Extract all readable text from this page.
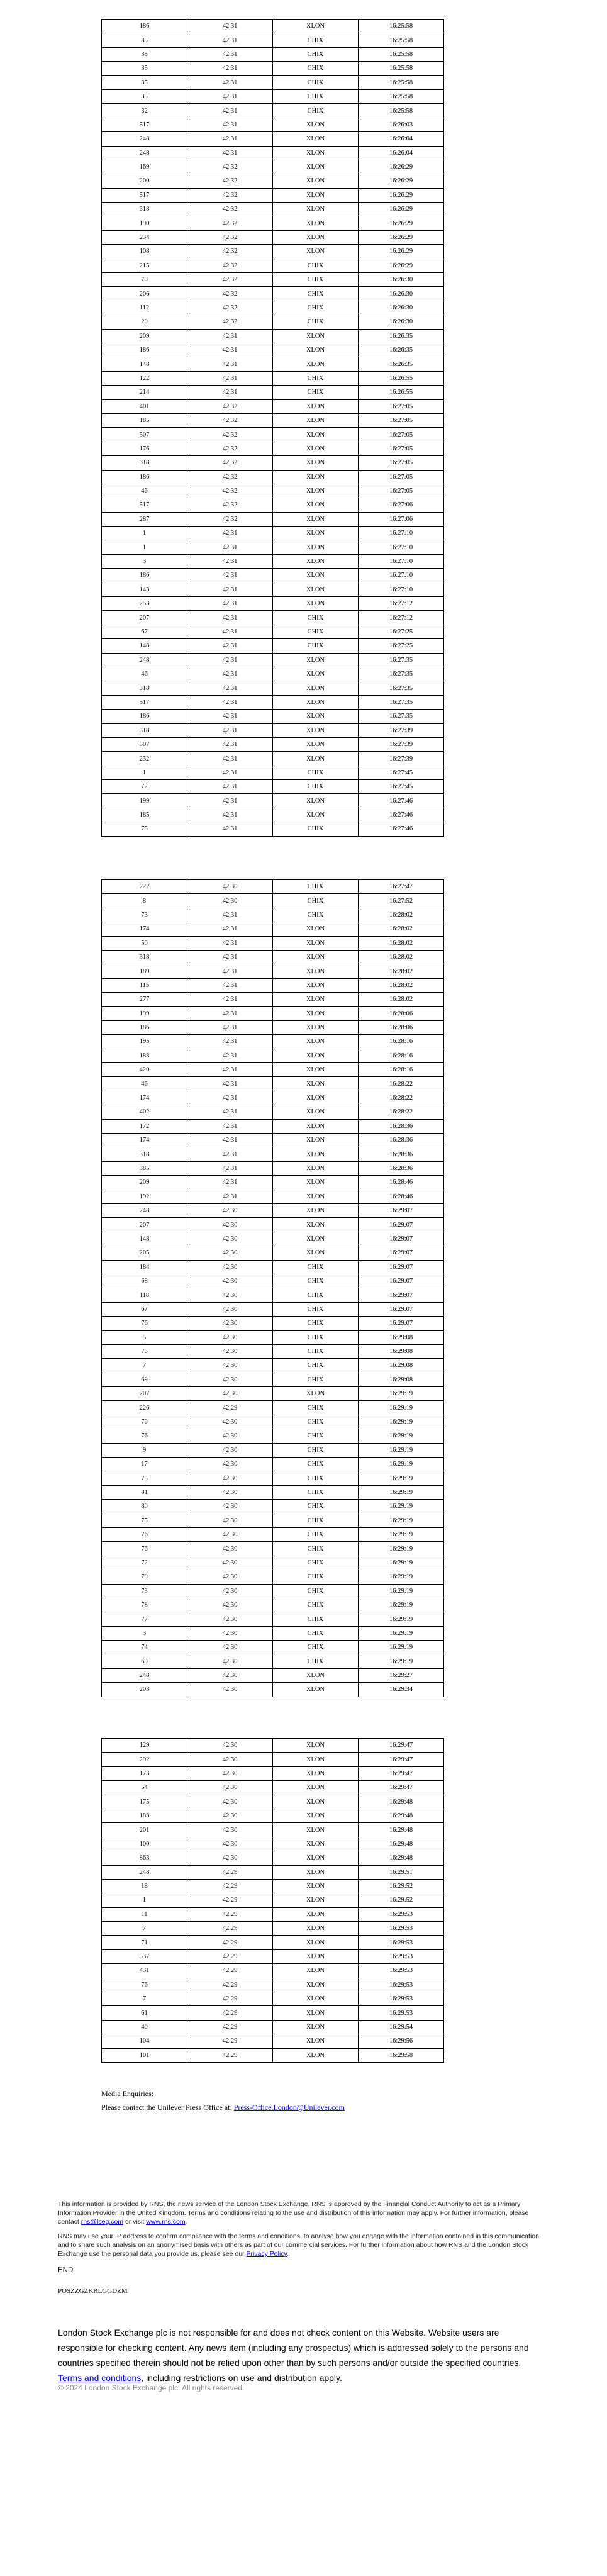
186	42.31	XLON	16:25:58
35	42.31	CHIX	16:25:58
35	42.31	CHIX	16:25:58
35	42.31	CHIX	16:25:58
35	42.31	CHIX	16:25:58
35	42.31	CHIX	16:25:58
32	42.31	CHIX	16:25:58
517	42.31	XLON	16:26:03
248	42.31	XLON	16:26:04
248	42.31	XLON	16:26:04
169	42.32	XLON	16:26:29
200	42.32	XLON	16:26:29
517	42.32	XLON	16:26:29
318	42.32	XLON	16:26:29
190	42.32	XLON	16:26:29
234	42.32	XLON	16:26:29
108	42.32	XLON	16:26:29
215	42.32	CHIX	16:26:29
70	42.32	CHIX	16:26:30
206	42.32	CHIX	16:26:30
112	42.32	CHIX	16:26:30
20	42.32	CHIX	16:26:30
209	42.31	XLON	16:26:35
186	42.31	XLON	16:26:35
148	42.31	XLON	16:26:35
122	42.31	CHIX	16:26:55
214	42.31	CHIX	16:26:55
401	42.32	XLON	16:27:05
185	42.32	XLON	16:27:05
507	42.32	XLON	16:27:05
176	42.32	XLON	16:27:05
318	42.32	XLON	16:27:05
186	42.32	XLON	16:27:05
46	42.32	XLON	16:27:05
517	42.32	XLON	16:27:06
287	42.32	XLON	16:27:06
1	42.31	XLON	16:27:10
1	42.31	XLON	16:27:10
3	42.31	XLON	16:27:10
186	42.31	XLON	16:27:10
143	42.31	XLON	16:27:10
253	42.31	XLON	16:27:12
207	42.31	CHIX	16:27:12
67	42.31	CHIX	16:27:25
148	42.31	CHIX	16:27:25
248	42.31	XLON	16:27:35
46	42.31	XLON	16:27:35
318	42.31	XLON	16:27:35
517	42.31	XLON	16:27:35
186	42.31	XLON	16:27:35
318	42.31	XLON	16:27:39
507	42.31	XLON	16:27:39
232	42.31	XLON	16:27:39
1	42.31	CHIX	16:27:45
72	42.31	CHIX	16:27:45
199	42.31	XLON	16:27:46
185	42.31	XLON	16:27:46
75	42.31	CHIX	16:27:46
222	42.30	CHIX	16:27:47
8	42.30	CHIX	16:27:52
73	42.31	CHIX	16:28:02
174	42.31	XLON	16:28:02
50	42.31	XLON	16:28:02
318	42.31	XLON	16:28:02
189	42.31	XLON	16:28:02
115	42.31	XLON	16:28:02
277	42.31	XLON	16:28:02
199	42.31	XLON	16:28:06
186	42.31	XLON	16:28:06
195	42.31	XLON	16:28:16
183	42.31	XLON	16:28:16
420	42.31	XLON	16:28:16
46	42.31	XLON	16:28:22
174	42.31	XLON	16:28:22
402	42.31	XLON	16:28:22
172	42.31	XLON	16:28:36
174	42.31	XLON	16:28:36
318	42.31	XLON	16:28:36
385	42.31	XLON	16:28:36
209	42.31	XLON	16:28:46
192	42.31	XLON	16:28:46
248	42.30	XLON	16:29:07
207	42.30	XLON	16:29:07
148	42.30	XLON	16:29:07
205	42.30	XLON	16:29:07
184	42.30	CHIX	16:29:07
68	42.30	CHIX	16:29:07
118	42.30	CHIX	16:29:07
67	42.30	CHIX	16:29:07
76	42.30	CHIX	16:29:07
5	42.30	CHIX	16:29:08
75	42.30	CHIX	16:29:08
7	42.30	CHIX	16:29:08
69	42.30	CHIX	16:29:08
207	42.30	XLON	16:29:19
226	42.29	CHIX	16:29:19
70	42.30	CHIX	16:29:19
76	42.30	CHIX	16:29:19
9	42.30	CHIX	16:29:19
17	42.30	CHIX	16:29:19
75	42.30	CHIX	16:29:19
81	42.30	CHIX	16:29:19
80	42.30	CHIX	16:29:19
75	42.30	CHIX	16:29:19
76	42.30	CHIX	16:29:19
76	42.30	CHIX	16:29:19
72	42.30	CHIX	16:29:19
79	42.30	CHIX	16:29:19
73	42.30	CHIX	16:29:19
78	42.30	CHIX	16:29:19
77	42.30	CHIX	16:29:19
3	42.30	CHIX	16:29:19
74	42.30	CHIX	16:29:19
69	42.30	CHIX	16:29:19
248	42.30	XLON	16:29:27
203	42.30	XLON	16:29:34
129	42.30	XLON	16:29:47
292	42.30	XLON	16:29:47
173	42.30	XLON	16:29:47
54	42.30	XLON	16:29:47
175	42.30	XLON	16:29:48
183	42.30	XLON	16:29:48
201	42.30	XLON	16:29:48
100	42.30	XLON	16:29:48
863	42.30	XLON	16:29:48
248	42.29	XLON	16:29:51
18	42.29	XLON	16:29:52
1	42.29	XLON	16:29:52
11	42.29	XLON	16:29:53
7	42.29	XLON	16:29:53
71	42.29	XLON	16:29:53
537	42.29	XLON	16:29:53
431	42.29	XLON	16:29:53
76	42.29	XLON	16:29:53
7	42.29	XLON	16:29:53
61	42.29	XLON	16:29:53
40	42.29	XLON	16:29:54
104	42.29	XLON	16:29:56
101	42.29	XLON	16:29:58
Media Enquiries:
Please contact the Unilever Press Office at: Press-Office.London@Unilever.com

This information is provided by RNS, the news service of the London Stock Exchange. RNS is approved by the Financial Conduct Authority to act as a Primary Information Provider in the United Kingdom. Terms and conditions relating to the use and distribution of this information may apply. For further information, please contact rns@lseg.com or visit www.rns.com.

RNS may use your IP address to confirm compliance with the terms and conditions, to analyse how you engage with the information contained in this communication, and to share such analysis on an anonymised basis with others as part of our commercial services. For further information about how RNS and the London Stock Exchange use the personal data you provide us, please see our Privacy Policy.

END
POSZZGZKRLGGDZM
London Stock Exchange plc is not responsible for and does not check content on this Website. Website users are responsible for checking content. Any news item (including any prospectus) which is addressed solely to the persons and countries specified therein should not be relied upon other than by such persons and/or outside the specified countries. Terms and conditions, including restrictions on use and distribution apply.
© 2024 London Stock Exchange plc. All rights reserved.
